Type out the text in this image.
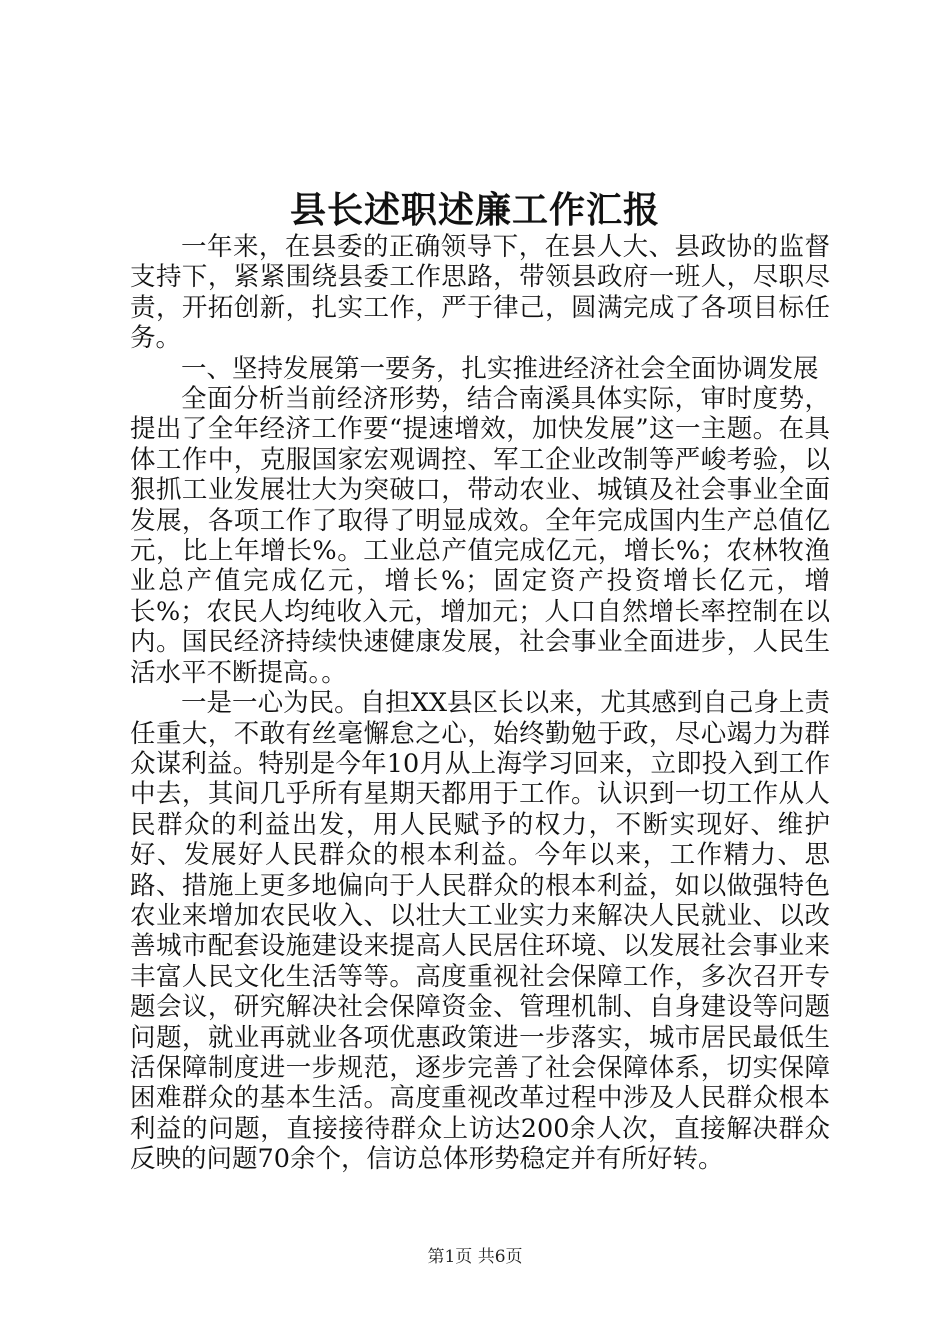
县长述职述廉工作汇报

一年来，在县委的正确领导下，在县人大、县政协的监督支持下，紧紧围绕县委工作思路，带领县政府一班人，尽职尽责，开拓创新，扎实工作，严于律己，圆满完成了各项目标任务。

一、坚持发展第一要务，扎实推进经济社会全面协调发展

全面分析当前经济形势，结合南溪具体实际，审时度势，提出了全年经济工作要“提速增效，加快发展”这一主题。在具体工作中，克服国家宏观调控、军工企业改制等严峻考验，以狠抓工业发展壮大为突破口，带动农业、城镇及社会事业全面发展，各项工作了取得了明显成效。全年完成国内生产总值亿元，比上年增长%。工业总产值完成亿元，增长%；农林牧渔业总产值完成亿元，增长%；固定资产投资增长亿元，增长%；农民人均纯收入元，增加元；人口自然增长率控制在以内。国民经济持续快速健康发展，社会事业全面进步，人民生活水平不断提高。。

一是一心为民。自担XX县区长以来，尤其感到自己身上责任重大，不敢有丝毫懈怠之心，始终勤勉于政，尽心竭力为群众谋利益。特别是今年10月从上海学习回来，立即投入到工作中去，其间几乎所有星期天都用于工作。认识到一切工作从人民群众的利益出发，用人民赋予的权力，不断实现好、维护好、发展好人民群众的根本利益。今年以来，工作精力、思路、措施上更多地偏向于人民群众的根本利益，如以做强特色农业来增加农民收入、以壮大工业实力来解决人民就业、以改善城市配套设施建设来提高人民居住环境、以发展社会事业来丰富人民文化生活等等。高度重视社会保障工作，多次召开专题会议，研究解决社会保障资金、管理机制、自身建设等问题问题，就业再就业各项优惠政策进一步落实，城市居民最低生活保障制度进一步规范，逐步完善了社会保障体系，切实保障困难群众的基本生活。高度重视改革过程中涉及人民群众根本利益的问题，直接接待群众上访达200余人次，直接解决群众反映的问题70余个，信访总体形势稳定并有所好转。

第1页 共6页
